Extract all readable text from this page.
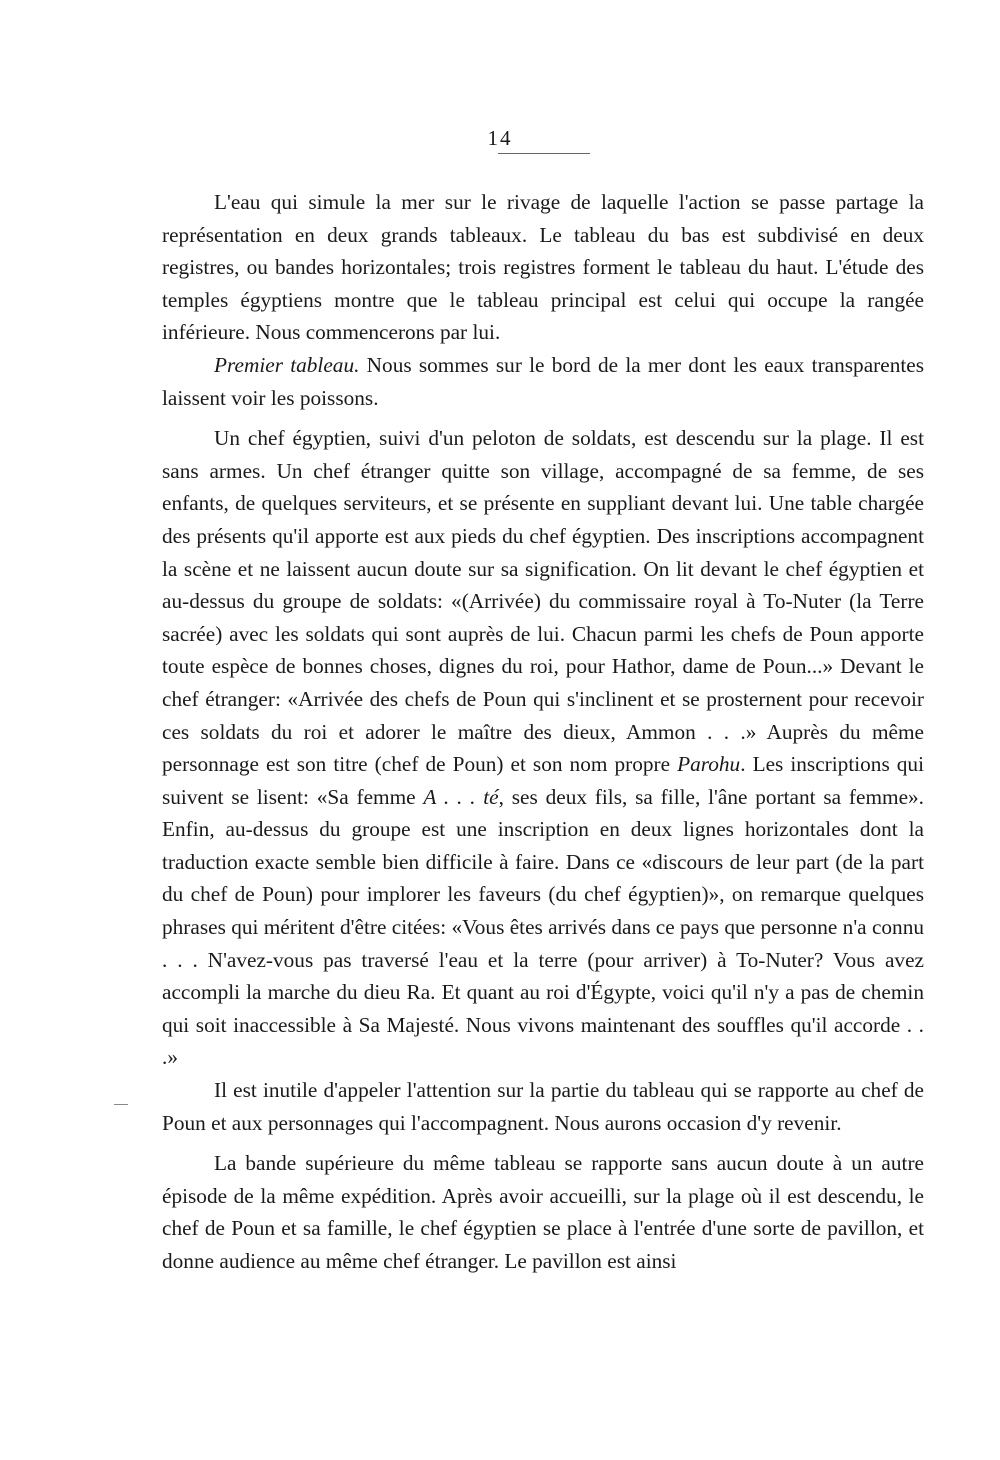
14

L'eau qui simule la mer sur le rivage de laquelle l'action se passe partage la représentation en deux grands tableaux. Le tableau du bas est subdivisé en deux registres, ou bandes horizontales; trois registres forment le tableau du haut. L'étude des temples égyptiens montre que le tableau principal est celui qui occupe la rangée inférieure. Nous commencerons par lui.

Premier tableau. Nous sommes sur le bord de la mer dont les eaux transparentes laissent voir les poissons.

Un chef égyptien, suivi d'un peloton de soldats, est descendu sur la plage. Il est sans armes. Un chef étranger quitte son village, accompagné de sa femme, de ses enfants, de quelques serviteurs, et se présente en suppliant devant lui. Une table chargée des présents qu'il apporte est aux pieds du chef égyptien. Des inscriptions accompagnent la scène et ne laissent aucun doute sur sa signification. On lit devant le chef égyptien et au-dessus du groupe de soldats: «(Arrivée) du commissaire royal à To-Nuter (la Terre sacrée) avec les soldats qui sont auprès de lui. Chacun parmi les chefs de Poun apporte toute espèce de bonnes choses, dignes du roi, pour Hathor, dame de Poun...» Devant le chef étranger: «Arrivée des chefs de Poun qui s'inclinent et se prosternent pour recevoir ces soldats du roi et adorer le maître des dieux, Ammon . . .» Auprès du même personnage est son titre (chef de Poun) et son nom propre Parohu. Les inscriptions qui suivent se lisent: «Sa femme A . . . té, ses deux fils, sa fille, l'âne portant sa femme». Enfin, au-dessus du groupe est une inscription en deux lignes horizontales dont la traduction exacte semble bien difficile à faire. Dans ce «discours de leur part (de la part du chef de Poun) pour implorer les faveurs (du chef égyptien)», on remarque quelques phrases qui méritent d'être citées: «Vous êtes arrivés dans ce pays que personne n'a connu . . . N'avez-vous pas traversé l'eau et la terre (pour arriver) à To-Nuter? Vous avez accompli la marche du dieu Ra. Et quant au roi d'Égypte, voici qu'il n'y a pas de chemin qui soit inaccessible à Sa Majesté. Nous vivons maintenant des souffles qu'il accorde . . .»

Il est inutile d'appeler l'attention sur la partie du tableau qui se rapporte au chef de Poun et aux personnages qui l'accompagnent. Nous aurons occasion d'y revenir.

La bande supérieure du même tableau se rapporte sans aucun doute à un autre épisode de la même expédition. Après avoir accueilli, sur la plage où il est descendu, le chef de Poun et sa famille, le chef égyptien se place à l'entrée d'une sorte de pavillon, et donne audience au même chef étranger. Le pavillon est ainsi
